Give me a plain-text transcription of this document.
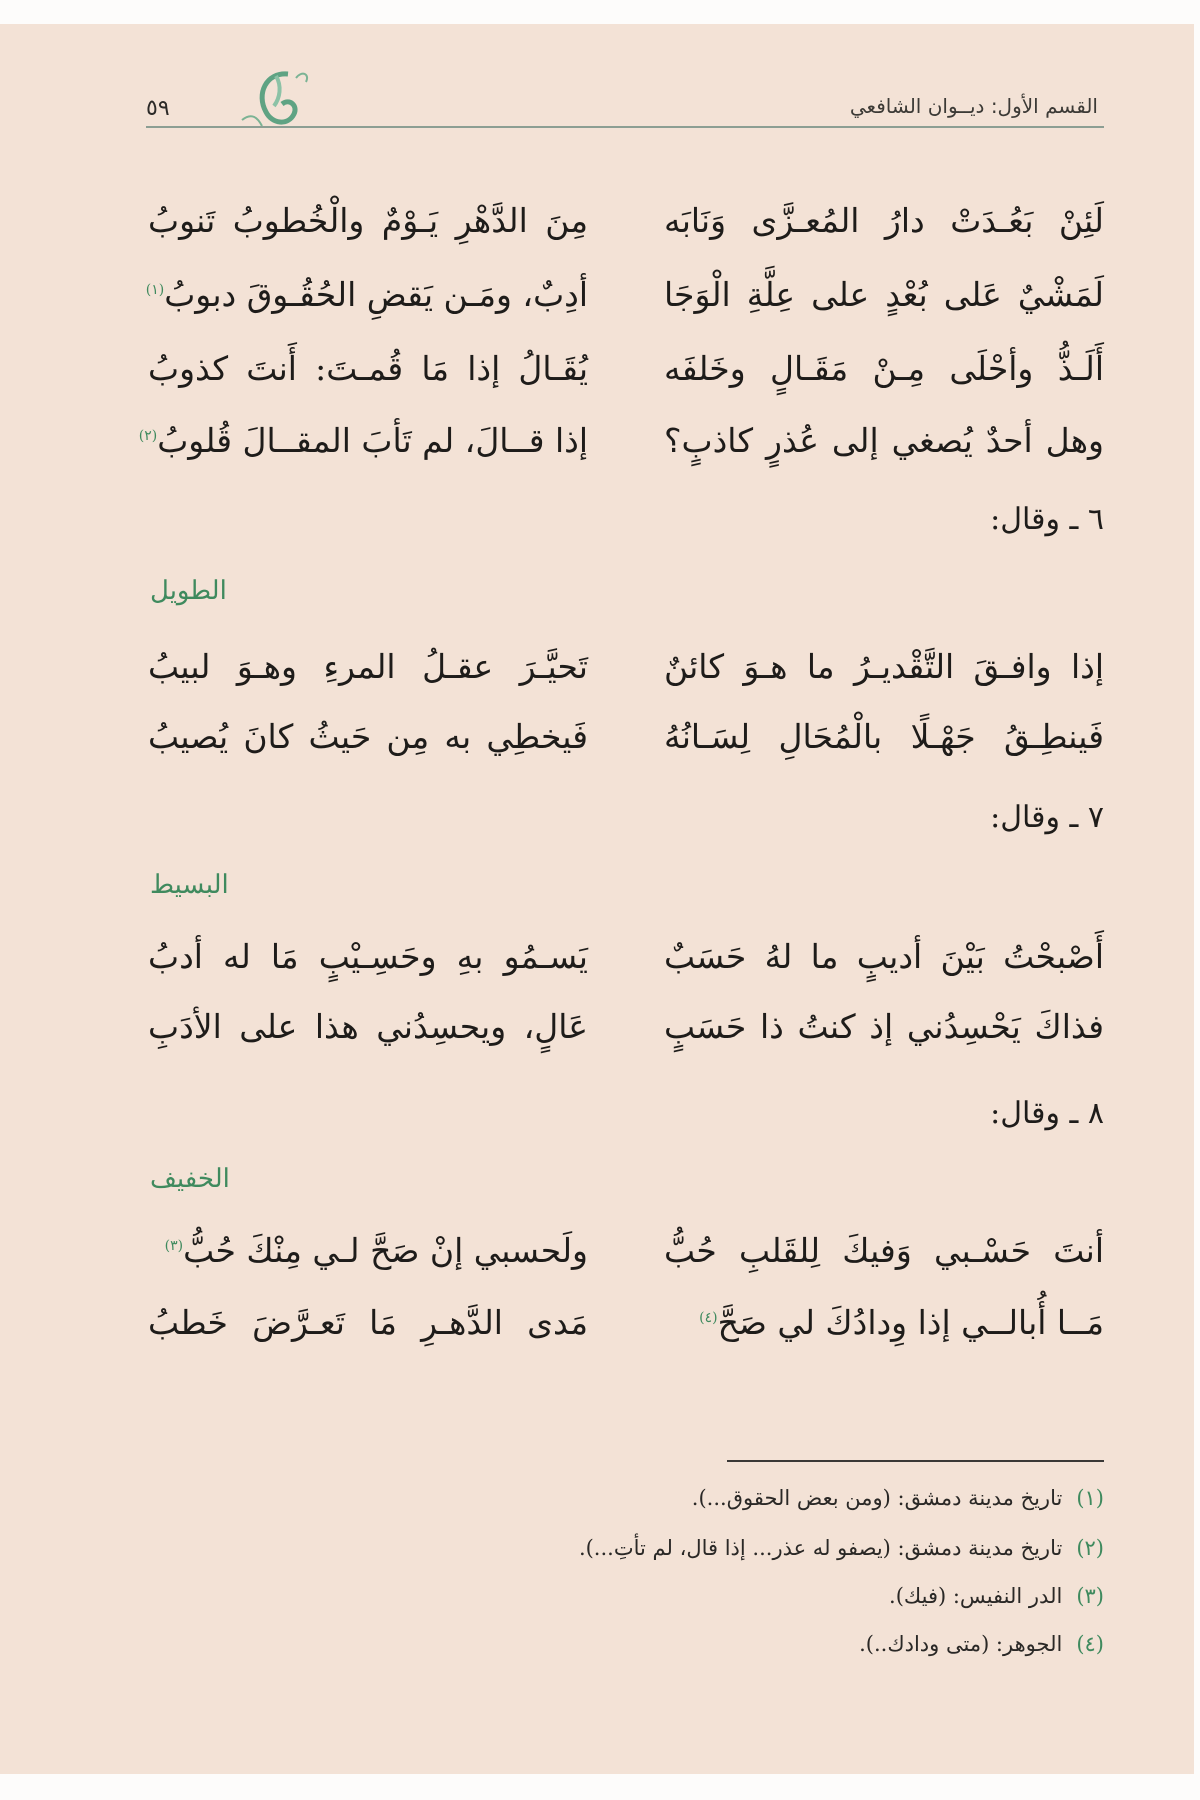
القسم الأول: ديــوان الشافعي
٥٩
لَئِنْ بَعُـدَتْ دارُ المُعـزَّى وَنَابَه
مِنَ الدَّهْرِ يَـوْمٌ والْخُطوبُ تَنوبُ
لَمَشْيٌ عَلى بُعْدٍ على عِلَّةِ الْوَجَا
أدِبٌ، ومَـن يَقضِ الحُقُـوقَ دبوبُ$^{(١)}$
أَلَـذُّ وأحْلَى مِـنْ مَقَـالٍ وخَلفَه
يُقَـالُ إذا مَا قُمـتَ: أَنتَ كذوبُ
وهل أحدٌ يُصغي إلى عُذرٍ كاذبٍ؟
إذا قــالَ، لم تَأبَ المقــالَ قُلوبُ$^{(٢)}$
٦ ـ وقال:
الطويل
إذا وافـقَ التَّقْديـرُ ما هـوَ كائنٌ
تَحيَّـرَ عقـلُ المرءِ وهـوَ لبيبُ
فَينطِـقُ جَهْـلًا بالْمُحَالِ لِسَـانُهُ
فَيخطِي به مِن حَيثُ كانَ يُصيبُ
٧ ـ وقال:
البسيط
أَصْبحْتُ بَيْنَ أديبٍ ما لهُ حَسَبٌ
يَسـمُو بهِ وحَسِـيْبٍ مَا له أدبُ
فذاكَ يَحْسِدُني إذ كنتُ ذا حَسَبٍ
عَالٍ، ويحسِدُني هذا على الأدَبِ
٨ ـ وقال:
الخفيف
أنتَ حَسْـبي وَفيكَ لِلقَلبِ حُبُّ
ولَحسبي إنْ صَحَّ لـي مِنْكَ حُبُّ$^{(٣)}$
مَــا أُبالــي إذا وِدادُكَ لي صَحَّ$^{(٤)}$
مَدى الدَّهـرِ مَا تَعـرَّضَ خَطبُ
(١)تاريخ مدينة دمشق: (ومن بعض الحقوق...).
(٢)تاريخ مدينة دمشق: (يصفو له عذر... إذا قال، لم تأتِ...).
(٣)الدر النفيس: (فيك).
(٤)الجوهر: (متى ودادك..).
